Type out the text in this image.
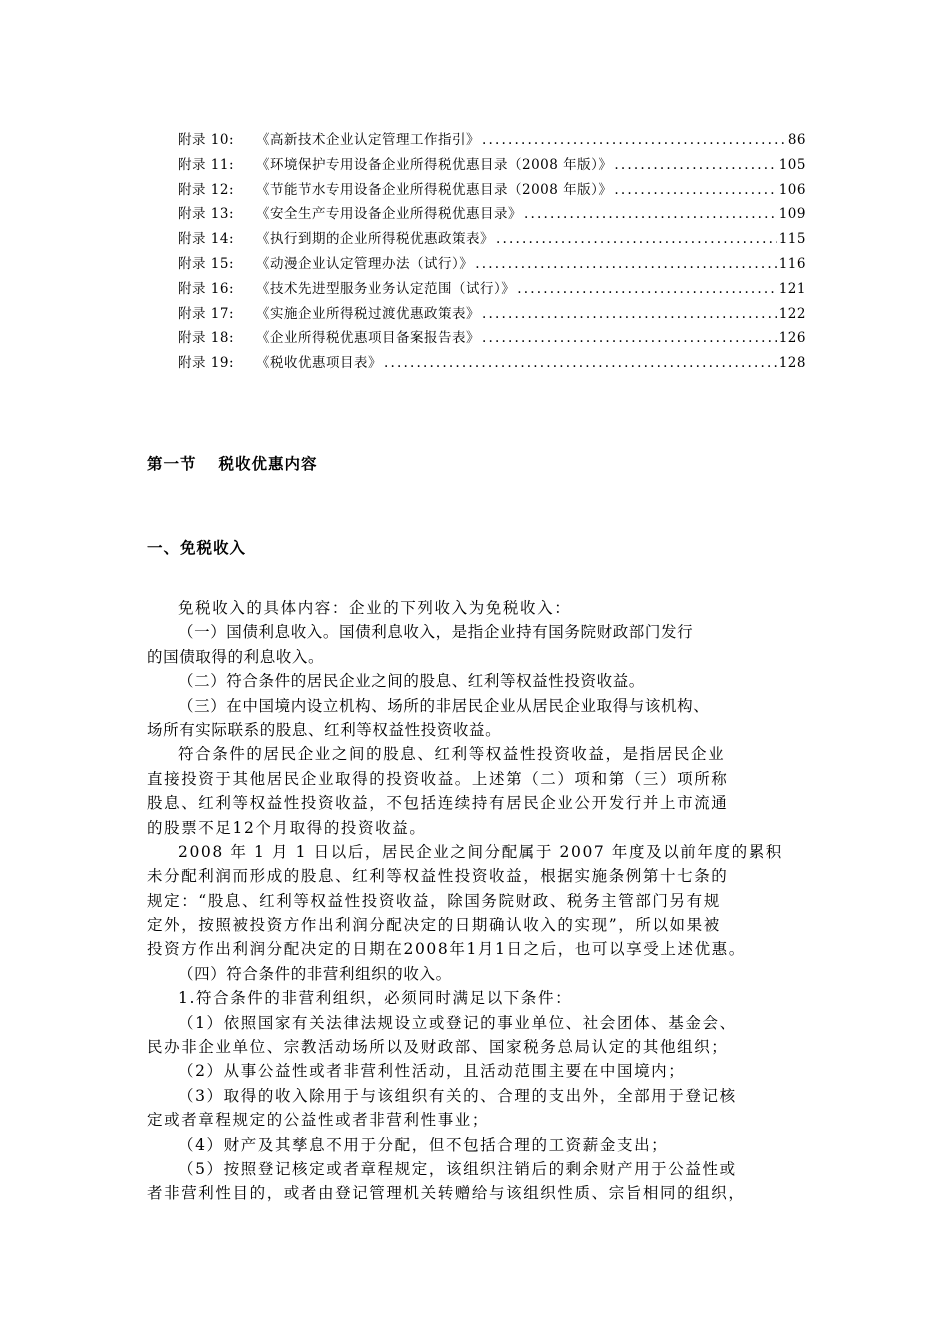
附录 10:	《高新技术企业认定管理工作指引》 .....	86
附录 11:	《环境保护专用设备企业所得税优惠目录（2008 年版）》 .....	105
附录 12:	《节能节水专用设备企业所得税优惠目录（2008 年版）》 .....	106
附录 13:	《安全生产专用设备企业所得税优惠目录》 .....	109
附录 14:	《执行到期的企业所得税优惠政策表》 .....	115
附录 15:	《动漫企业认定管理办法（试行）》 .....	116
附录 16:	《技术先进型服务业务认定范围（试行）》 .....	121
附录 17:	《实施企业所得税过渡优惠政策表》 .....	122
附录 18:	《企业所得税优惠项目备案报告表》 .....	126
附录 19:	《税收优惠项目表》 .....	128
第一节 税收优惠内容
一、免税收入
免税收入的具体内容：企业的下列收入为免税收入：
（一）国债利息收入。国债利息收入，是指企业持有国务院财政部门发行
的国债取得的利息收入。
（二）符合条件的居民企业之间的股息、红利等权益性投资收益。
（三）在中国境内设立机构、场所的非居民企业从居民企业取得与该机构、
场所有实际联系的股息、红利等权益性投资收益。
符合条件的居民企业之间的股息、红利等权益性投资收益，是指居民企业
直接投资于其他居民企业取得的投资收益。上述第（二）项和第（三）项所称
股息、红利等权益性投资收益，不包括连续持有居民企业公开发行并上市流通
的股票不足12个月取得的投资收益。
2008 年 1 月 1 日以后，居民企业之间分配属于 2007 年度及以前年度的累积
未分配利润而形成的股息、红利等权益性投资收益，根据实施条例第十七条的
规定：“股息、红利等权益性投资收益，除国务院财政、税务主管部门另有规
定外，按照被投资方作出利润分配决定的日期确认收入的实现”，所以如果被
投资方作出利润分配决定的日期在2008年1月1日之后，也可以享受上述优惠。
（四）符合条件的非营利组织的收入。
1.符合条件的非营利组织，必须同时满足以下条件：
（1）依照国家有关法律法规设立或登记的事业单位、社会团体、基金会、
民办非企业单位、宗教活动场所以及财政部、国家税务总局认定的其他组织；
（2）从事公益性或者非营利性活动，且活动范围主要在中国境内；
（3）取得的收入除用于与该组织有关的、合理的支出外，全部用于登记核
定或者章程规定的公益性或者非营利性事业；
（4）财产及其孳息不用于分配，但不包括合理的工资薪金支出；
（5）按照登记核定或者章程规定，该组织注销后的剩余财产用于公益性或
者非营利性目的，或者由登记管理机关转赠给与该组织性质、宗旨相同的组织，
